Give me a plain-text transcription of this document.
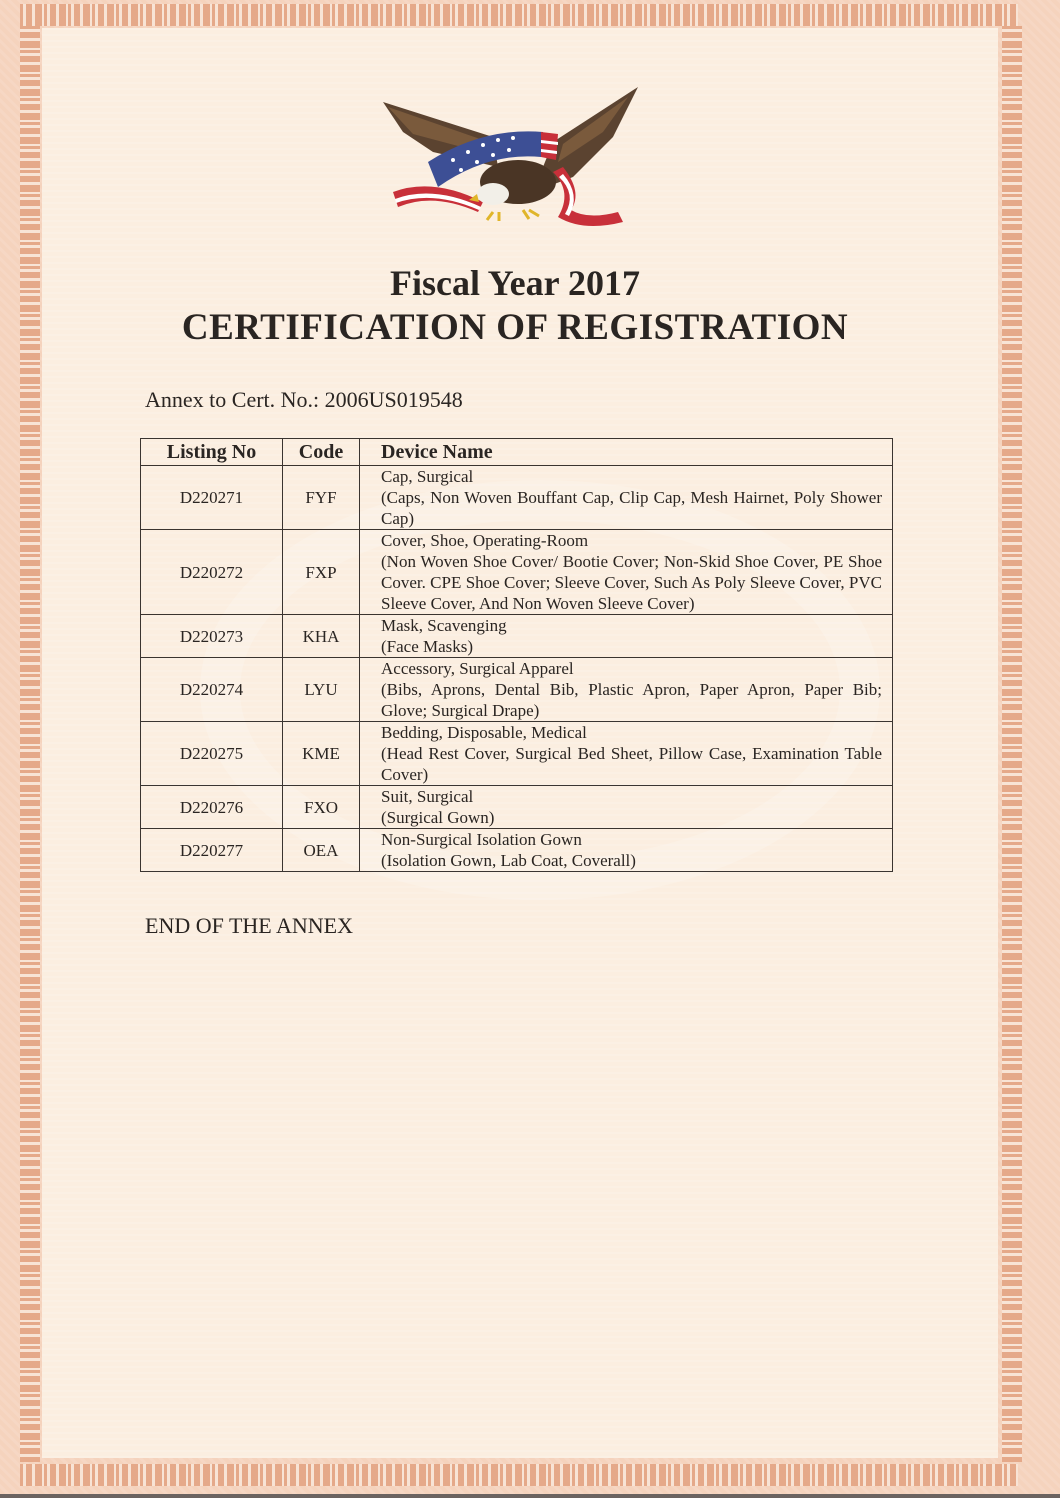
Fiscal Year 2017
CERTIFICATION OF REGISTRATION
Annex to Cert. No.: 2006US019548
Listing No	Code	Device Name
D220271	FYF	Cap, Surgical
(Caps, Non Woven Bouffant Cap, Clip Cap, Mesh Hairnet, Poly Shower Cap)

D220272	FXP	Cover, Shoe, Operating-Room
(Non Woven Shoe Cover/ Bootie Cover; Non-Skid Shoe Cover, PE Shoe Cover. CPE Shoe Cover; Sleeve Cover, Such As Poly Sleeve Cover, PVC Sleeve Cover, And Non Woven Sleeve Cover)

D220273	KHA	Mask, Scavenging
(Face Masks)

D220274	LYU	Accessory, Surgical Apparel
(Bibs, Aprons, Dental Bib, Plastic Apron, Paper Apron, Paper Bib; Glove; Surgical Drape)

D220275	KME	Bedding, Disposable, Medical
(Head Rest Cover, Surgical Bed Sheet, Pillow Case, Examination Table Cover)

D220276	FXO	Suit, Surgical
(Surgical Gown)

D220277	OEA	Non-Surgical Isolation Gown
(Isolation Gown, Lab Coat, Coverall)
END OF THE ANNEX
